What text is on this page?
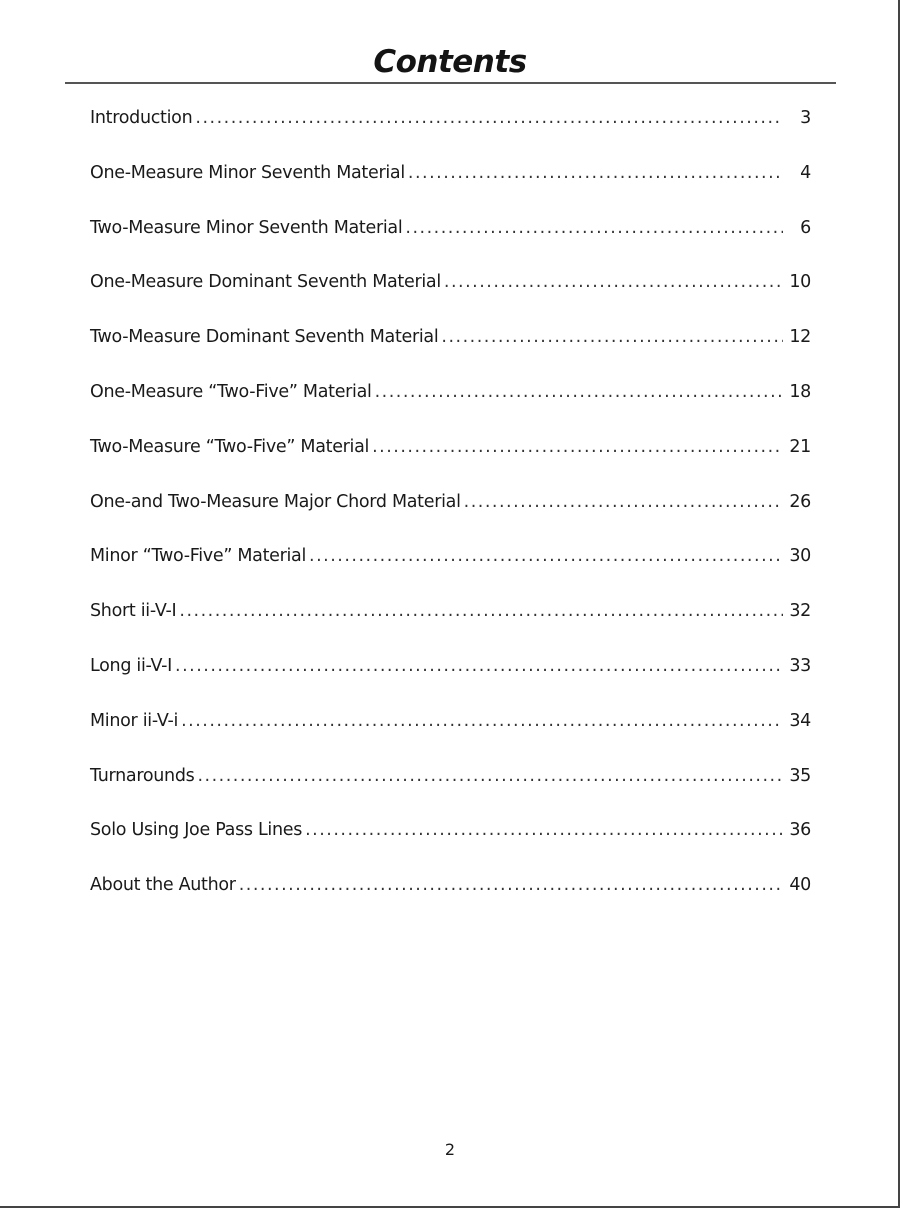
Contents
Introduction .....	3
One-Measure Minor Seventh Material .....	4
Two-Measure Minor Seventh Material .....	6
One-Measure Dominant Seventh Material .....	10
Two-Measure Dominant Seventh Material .....	12
One-Measure “Two-Five” Material .....	18
Two-Measure “Two-Five” Material .....	21
One-and Two-Measure Major Chord Material .....	26
Minor “Two-Five” Material .....	30
Short ii-V-I .....	32
Long ii-V-I .....	33
Minor ii-V-i .....	34
Turnarounds .....	35
Solo Using Joe Pass Lines .....	36
About the Author .....	40
2
